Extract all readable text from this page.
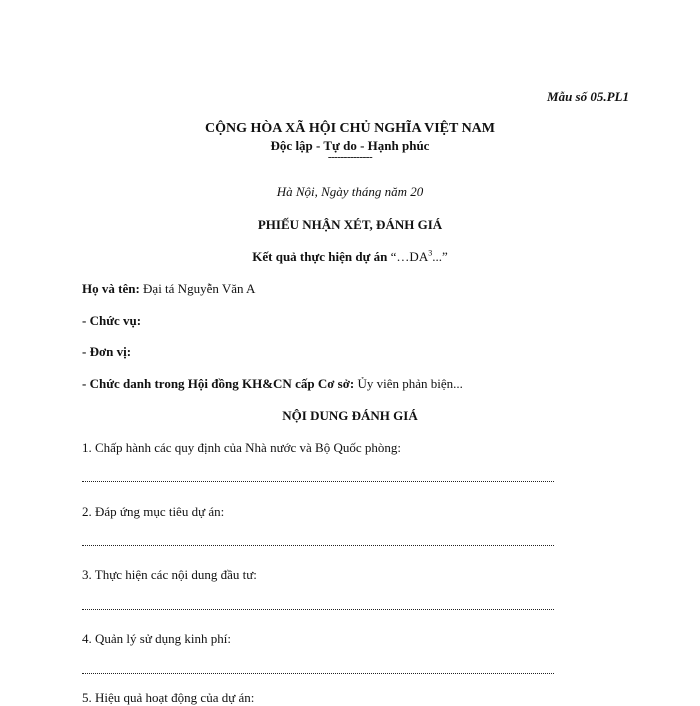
Mẫu số 05.PL1
CỘNG HÒA XÃ HỘI CHỦ NGHĨA VIỆT NAM
Độc lập - Tự do - Hạnh phúc
--------------
Hà Nội, Ngày tháng năm 20
PHIẾU NHẬN XÉT, ĐÁNH GIÁ
Kết quả thực hiện dự án “$\dots DA^3$...”
Họ và tên: Đại tá Nguyễn Văn A
- Chức vụ:
- Đơn vị:
- Chức danh trong Hội đồng KH&CN cấp Cơ sở: Ủy viên phản biện...
NỘI DUNG ĐÁNH GIÁ
1. Chấp hành các quy định của Nhà nước và Bộ Quốc phòng:
2. Đáp ứng mục tiêu dự án:
3. Thực hiện các nội dung đầu tư:
4. Quản lý sử dụng kinh phí:
5. Hiệu quả hoạt động của dự án:
